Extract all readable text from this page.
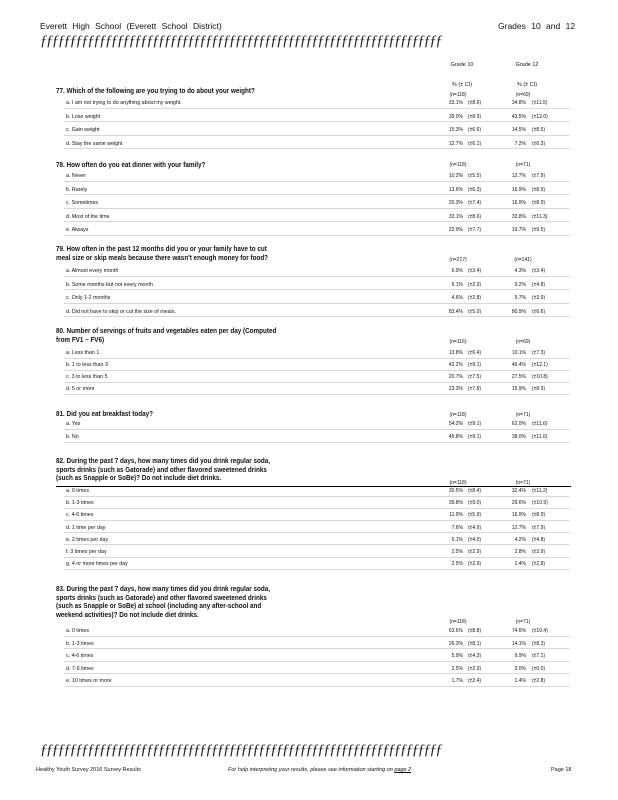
Everett High School (Everett School District)	Grades 10 and 12
ƒƒƒƒƒƒƒƒƒƒƒƒƒƒƒƒƒƒƒƒƒƒƒƒƒƒƒƒƒƒƒƒƒƒƒƒƒƒƒƒƒƒƒƒƒƒƒƒƒƒƒƒƒƒƒƒƒƒƒƒƒƒƒƒƒƒƒƒ
Grade 10	Grade 12
% (± CI)	% (± CI)
77. Which of the following are you trying to do about your weight?	(n=118)	(n=69)
a. I am not trying to do anything about my weight.	33.1% (±8.6)	34.8% (±11.5)
b. Lose weight	39.0% (±8.9)	43.5% (±12.0)
c. Gain weight	15.3% (±6.6)	14.5% (±8.5)
d. Stay the same weight	12.7% (±6.1)	7.2% (±6.3)
78. How often do you eat dinner with your family?	(n=118)	(n=71)
a. Never	10.2% (±5.5)	12.7% (±7.9)
b. Rarely	13.6% (±6.3)	16.9% (±8.9)
c. Sometimes	20.3% (±7.4)	16.9% (±8.9)
d. Most of the time	33.1% (±8.6)	33.8% (±11.3)
e. Always	22.9% (±7.7)	19.7% (±9.5)
79. How often in the past 12 months did you or your family have to cut
meal size or skip meals because there wasn't enough money for food?	(n=217)	(n=141)
a. Almost every month	6.9% (±3.4)	4.3% (±3.4)
b. Some months but not every month	5.1% (±2.9)	9.2% (±4.8)
c. Only 1-2 months	4.6% (±2.8)	5.7% (±3.9)
d. Did not have to skip or cut the size of meals.	83.4% (±5.0)	80.9% (±6.6)
80. Number of servings of fruits and vegetables eaten per day (Computed
from FV1 – FV6)	(n=116)	(n=69)
a. Less than 1	13.8% (±6.4)	10.1% (±7.3)
b. 1 to less than 3	42.2% (±9.1)	46.4% (±12.1)
c. 3 to less than 5	20.7% (±7.5)	27.5% (±10.8)
d. 5 or more	23.3% (±7.8)	15.9% (±8.9)
81. Did you eat breakfast today?	(n=118)	(n=71)
a. Yes	54.2% (±9.1)	62.0% (±11.6)
b. No	45.8% (±9.1)	38.0% (±11.6)
82. During the past 7 days, how many times did you drink regular soda,
sports drinks (such as Gatorade) and other flavored sweetened drinks
(such as Snapple or SoBe)? Do not include diet drinks.
(n=118)	(n=71)
a. 0 times	30.5% (±8.4)	32.4% (±11.2)
b. 1-3 times	39.8% (±9.0)	29.6% (±10.9)
c. 4-6 times	11.9% (±5.9)	16.9% (±8.9)
d. 1 time per day	7.6% (±4.9)	12.7% (±7.9)
e. 2 times per day	5.1% (±4.0)	4.2% (±4.8)
f. 3 times per day	2.5% (±2.9)	2.8% (±3.9)
g. 4 or more times per day	2.5% (±2.9)	1.4% (±2.8)
83. During the past 7 days, how many times did you drink regular soda,
sports drinks (such as Gatorade) and other flavored sweetened drinks
(such as Snapple or SoBe) at school (including any after-school and
weekend activities)? Do not include diet drinks.
(n=118)	(n=71)
a. 0 times	63.6% (±8.8)	74.6% (±10.4)
b. 1-3 times	26.3% (±8.1)	14.1% (±8.3)
c. 4-6 times	5.9% (±4.3)	9.9% (±7.1)
d. 7-9 times	2.5% (±2.9)	0.0% (±0.0)
e. 10 times or more	1.7% (±2.4)	1.4% (±2.8)
ƒƒƒƒƒƒƒƒƒƒƒƒƒƒƒƒƒƒƒƒƒƒƒƒƒƒƒƒƒƒƒƒƒƒƒƒƒƒƒƒƒƒƒƒƒƒƒƒƒƒƒƒƒƒƒƒƒƒƒƒƒƒƒƒƒƒƒƒ
Healthy Youth Survey 2016 Survey Results	For help interpreting your results, please see information starting on page 2	Page 18
